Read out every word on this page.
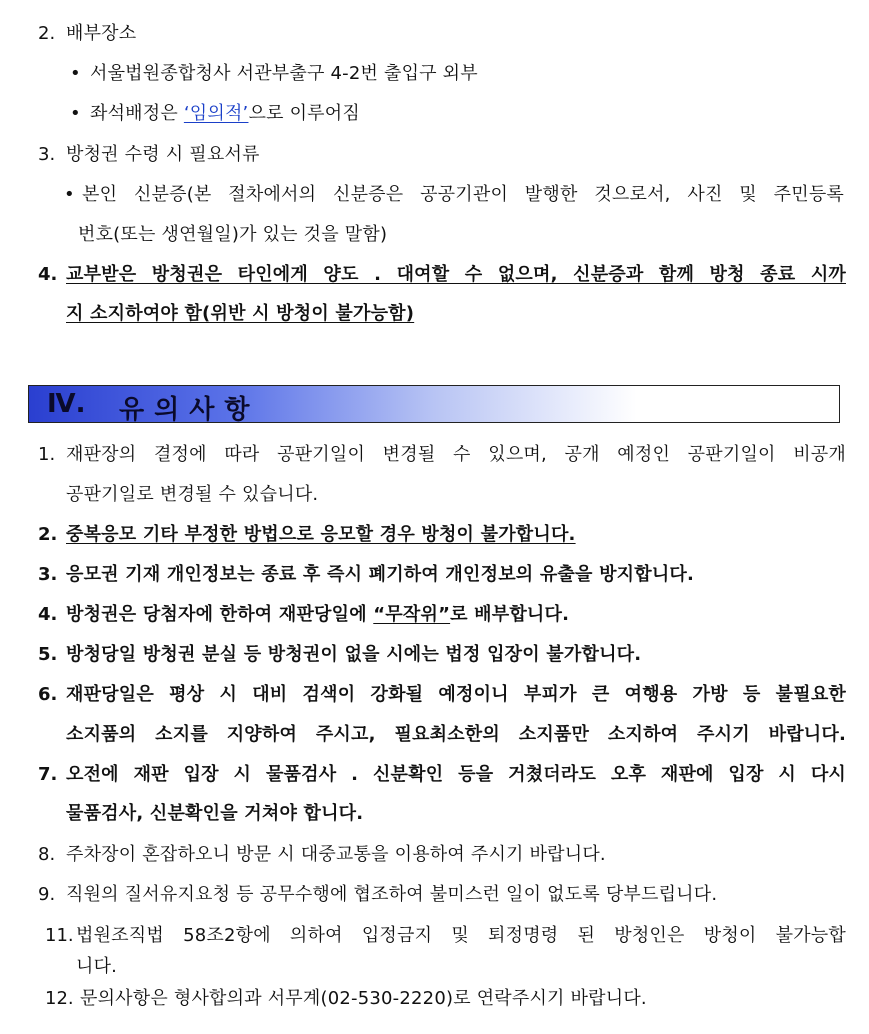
2. 배부장소
• 서울법원종합청사 서관부출구 4-2번 출입구 외부
• 좌석배정은 ‘임의적’으로 이루어짐
3. 방청권 수령 시 필요서류
• 본인 신분증(본 절차에서의 신분증은 공공기관이 발행한 것으로서, 사진 및 주민등록
번호(또는 생연월일)가 있는 것을 말함)
4. 교부받은 방청권은 타인에게 양도 . 대여할 수 없으며, 신분증과 함께 방청 종료 시까
지 소지하여야 함(위반 시 방청이 불가능함)
Ⅳ. 유의사항
1. 재판장의 결정에 따라 공판기일이 변경될 수 있으며, 공개 예정인 공판기일이 비공개
공판기일로 변경될 수 있습니다.
2. 중복응모 기타 부정한 방법으로 응모할 경우 방청이 불가합니다.
3. 응모권 기재 개인정보는 종료 후 즉시 폐기하여 개인정보의 유출을 방지합니다.
4. 방청권은 당첨자에 한하여 재판당일에 “무작위”로 배부합니다.
5. 방청당일 방청권 분실 등 방청권이 없을 시에는 법정 입장이 불가합니다.
6. 재판당일은 평상 시 대비 검색이 강화될 예정이니 부피가 큰 여행용 가방 등 불필요한
소지품의 소지를 지양하여 주시고, 필요최소한의 소지품만 소지하여 주시기 바랍니다.
7. 오전에 재판 입장 시 물품검사 . 신분확인 등을 거쳤더라도 오후 재판에 입장 시 다시
물품검사, 신분확인을 거쳐야 합니다.
8. 주차장이 혼잡하오니 방문 시 대중교통을 이용하여 주시기 바랍니다.
9. 직원의 질서유지요청 등 공무수행에 협조하여 불미스런 일이 없도록 당부드립니다.
11. 법원조직법 58조2항에 의하여 입정금지 및 퇴정명령 된 방청인은 방청이 불가능합
니다.
12. 문의사항은 형사합의과 서무계(02-530-2220)로 연락주시기 바랍니다.
